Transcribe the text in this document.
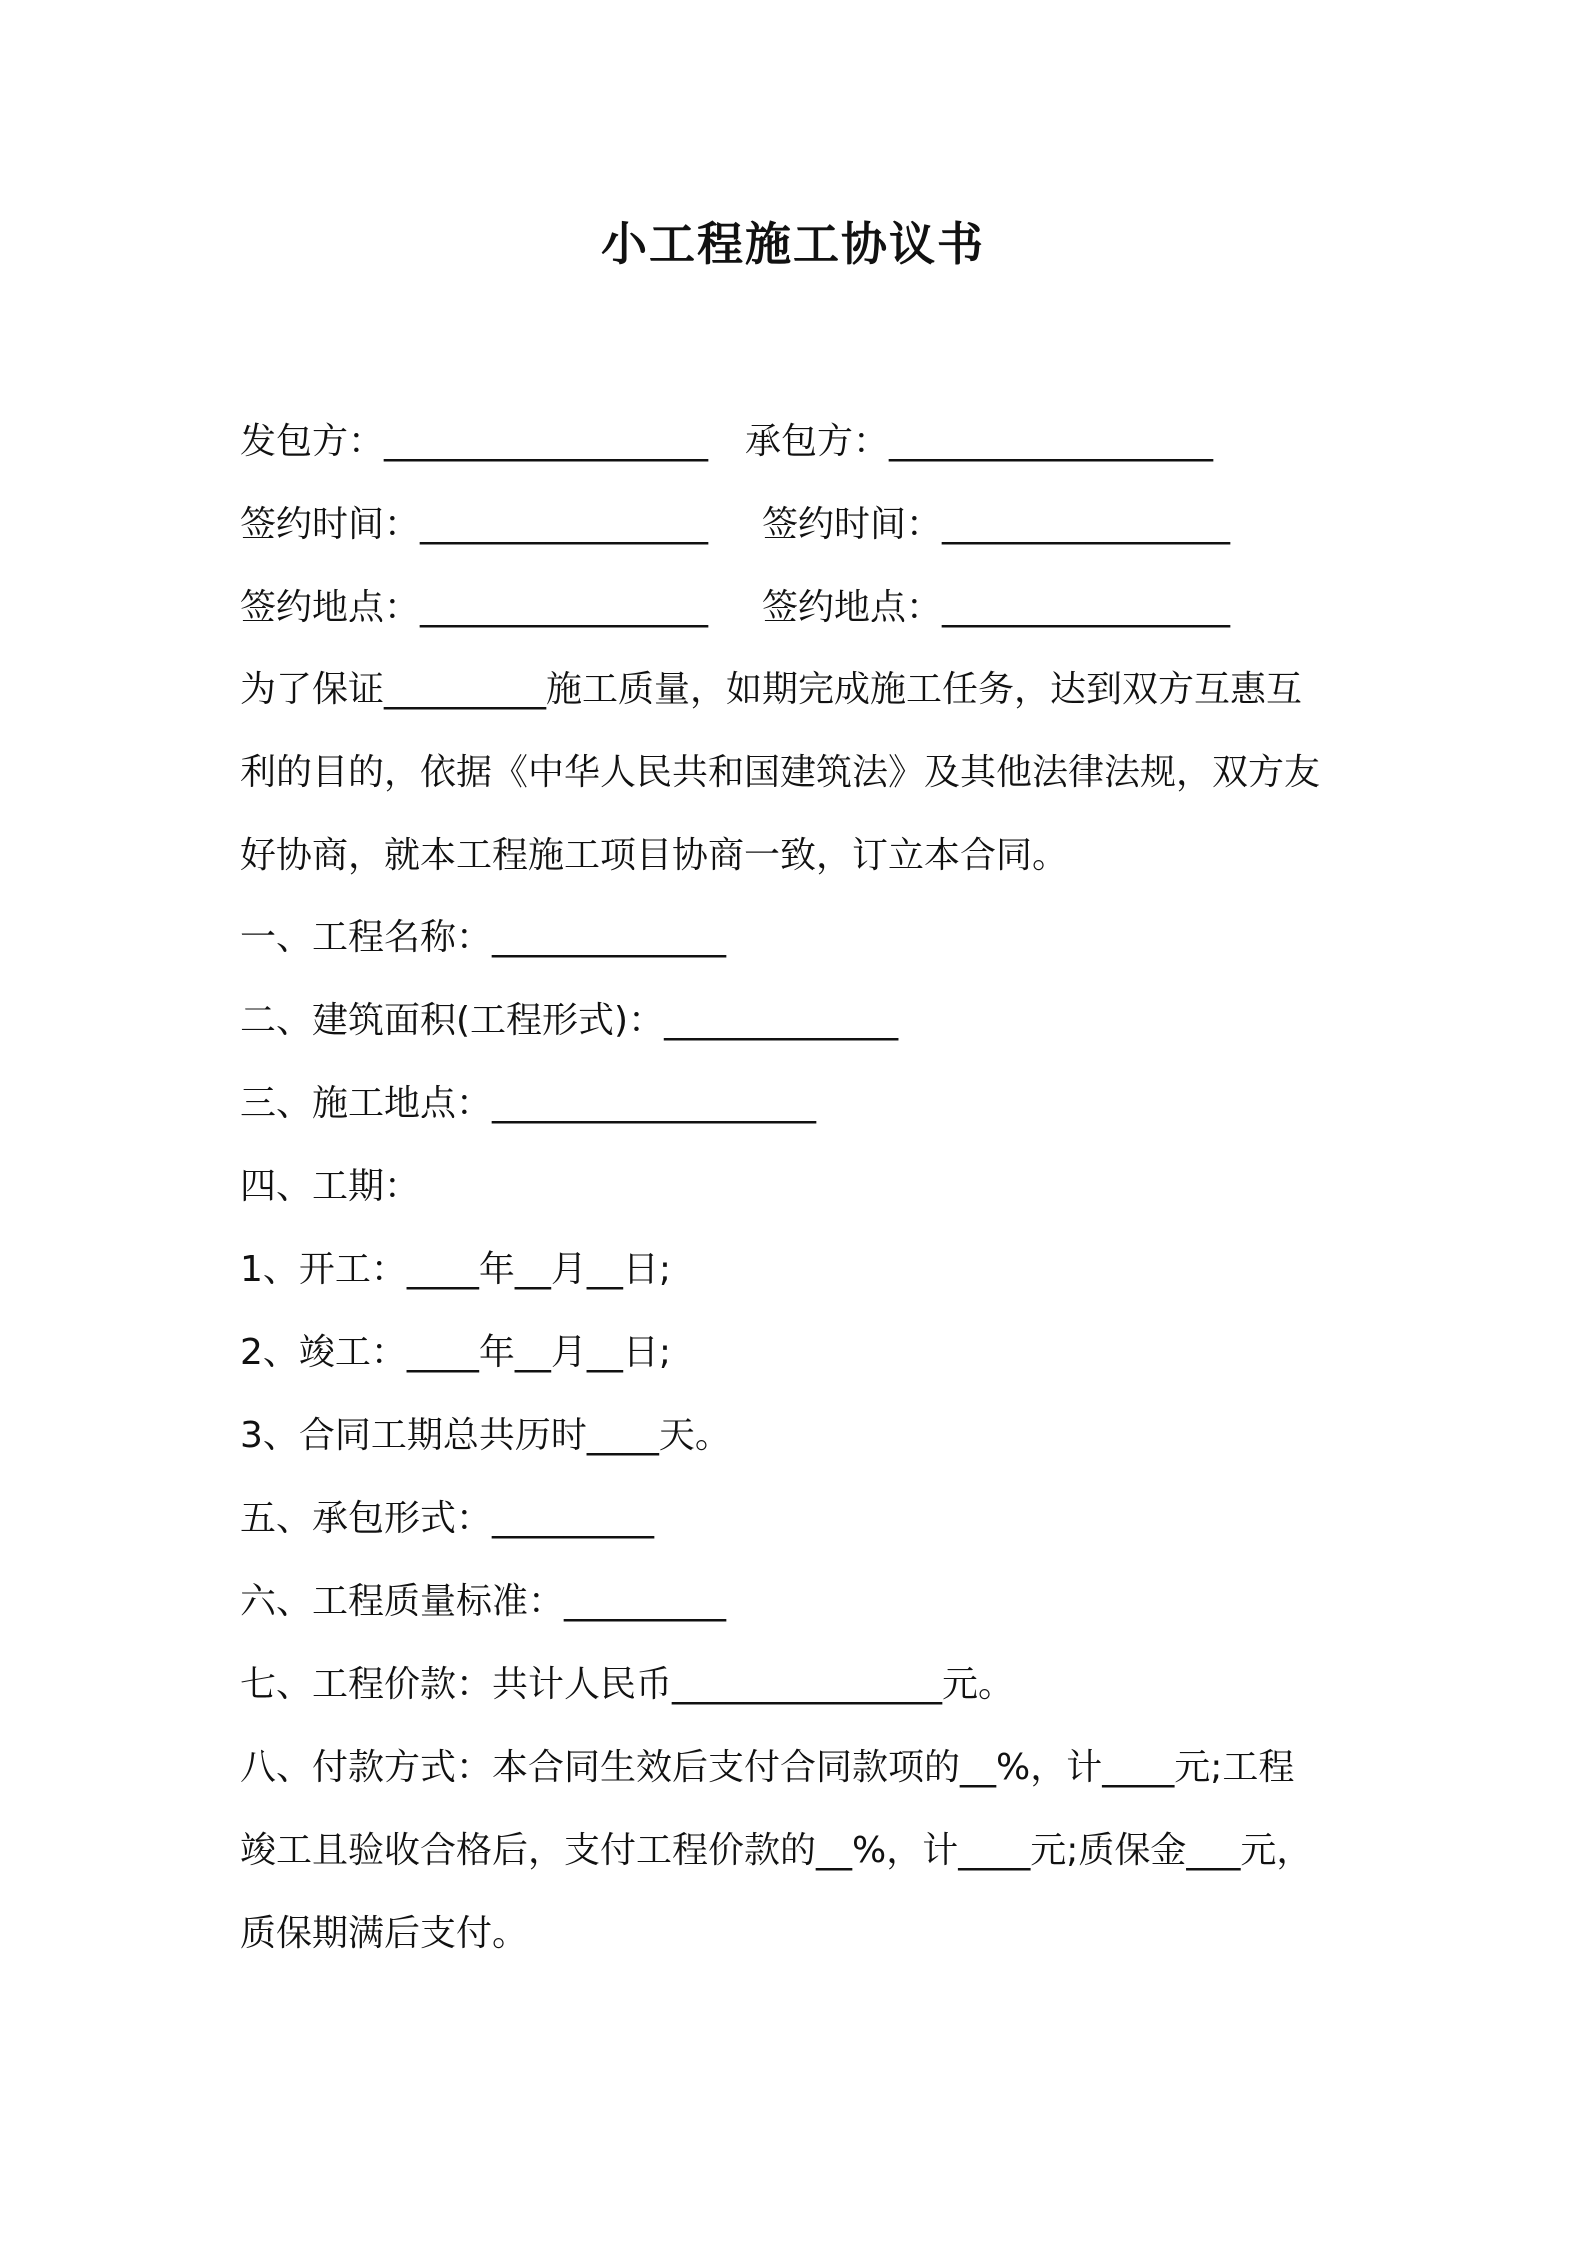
小工程施工协议书

发包方：__________________

承包方：__________________

签约时间：________________

签约时间：________________

签约地点：________________

签约地点：________________

为了保证_________施工质量，如期完成施工任务，达到双方互惠互
利的目的，依据《中华人民共和国建筑法》及其他法律法规，双方友
好协商，就本工程施工项目协商一致，订立本合同。
一、工程名称：_____________
二、建筑面积(工程形式)：_____________
三、施工地点：__________________
四、工期：
1、开工：____年__月__日;
2、竣工：____年__月__日;
3、合同工期总共历时____天。
五、承包形式：_________
六、工程质量标准：_________
七、工程价款：共计人民币_______________元。
八、付款方式：本合同生效后支付合同款项的__%，计____元;工程
竣工且验收合格后，支付工程价款的__%，计____元;质保金___元，
质保期满后支付。
